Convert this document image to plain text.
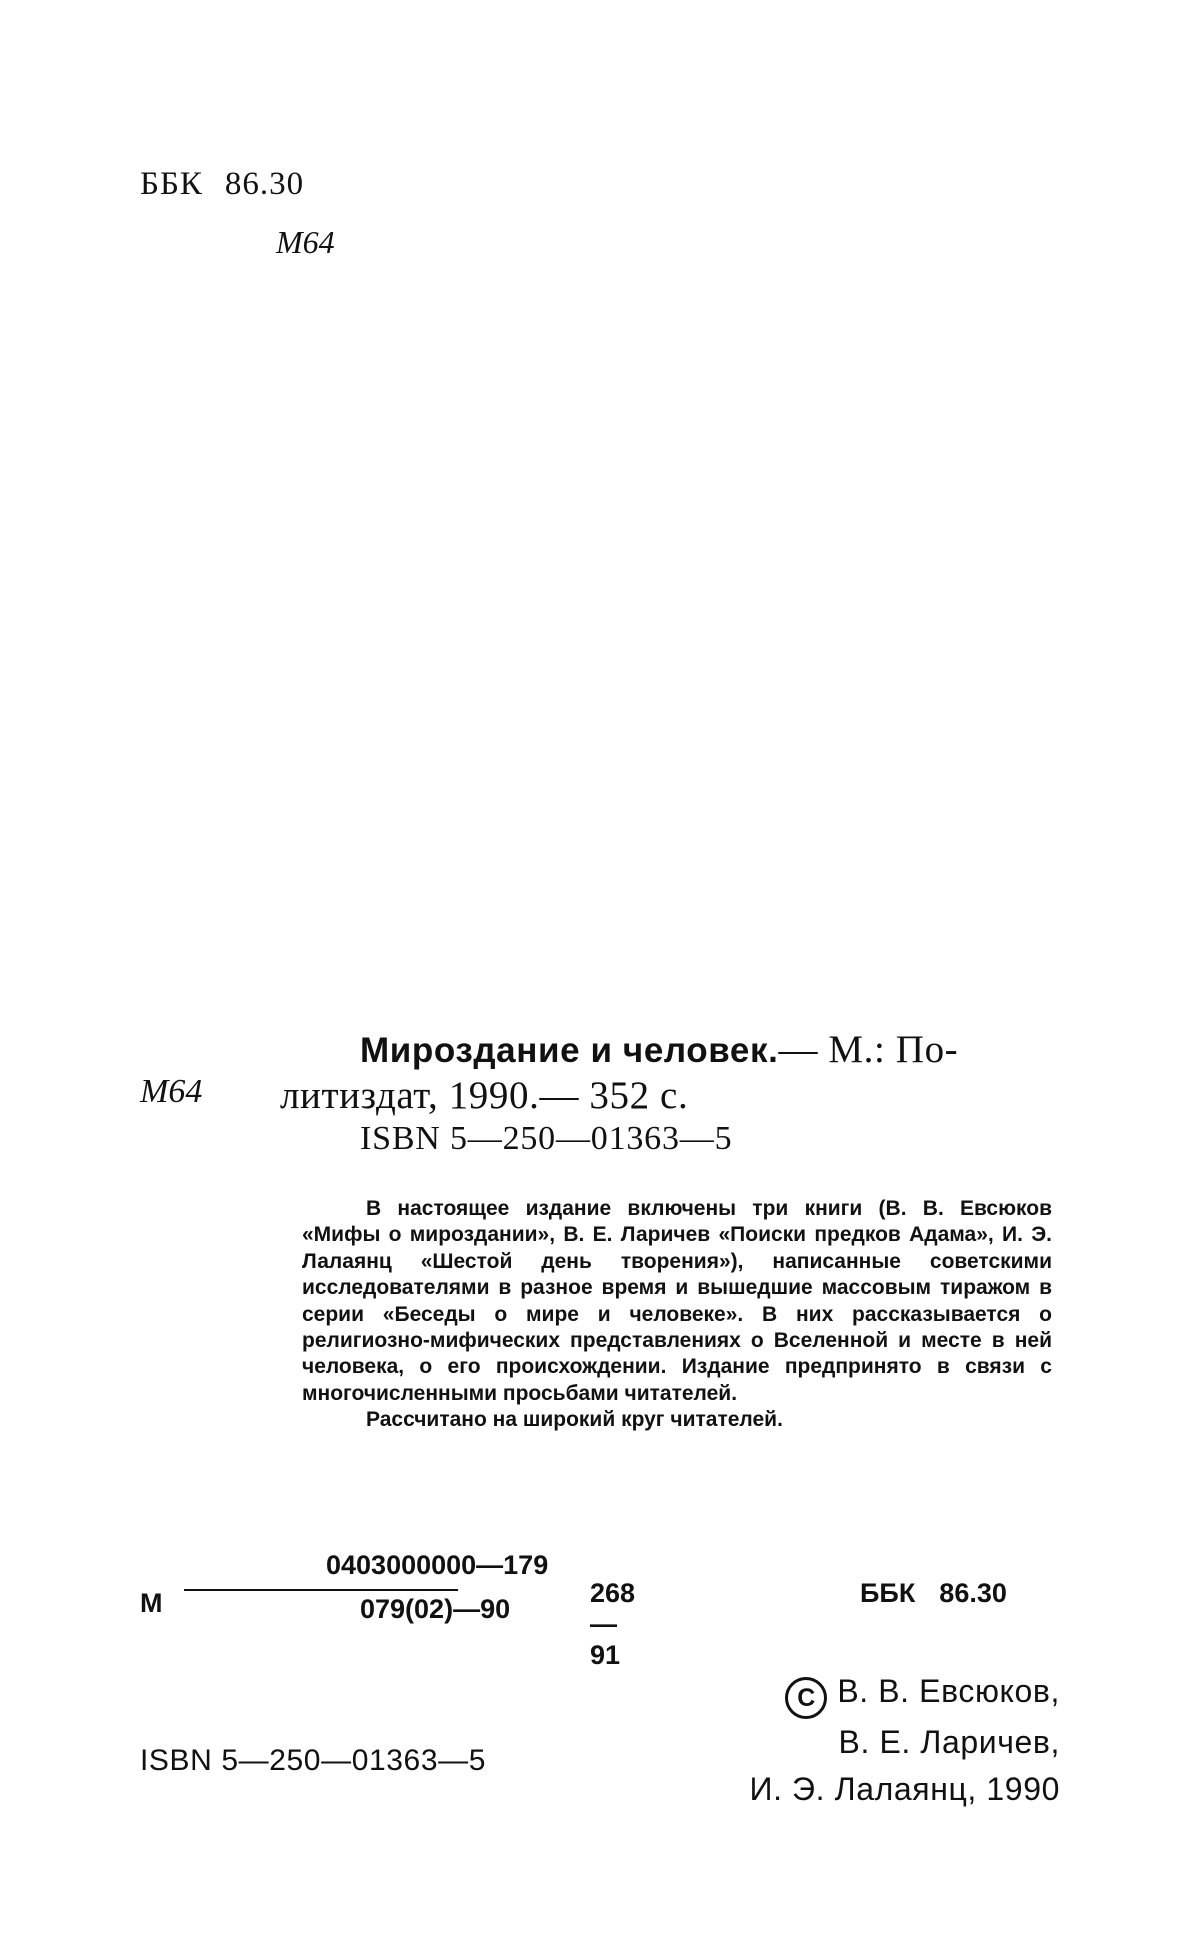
ББК 86.30
М64
М64
Мироздание и человек.— М.: По-
литиздат, 1990.— 352 с.
ISBN 5—250—01363—5

В настоящее издание включены три книги (В. В. Евсюков «Мифы о мироздании», В. Е. Ларичев «Поиски предков Адама», И. Э. Лалаянц «Шестой день творения»), написанные советскими исследователями в разное время и вышедшие массовым тиражом в серии «Беседы о мире и человеке». В них рассказывается о религиозно-мифических представлениях о Вселенной и месте в ней человека, о его происхождении. Издание предпринято в связи с многочисленными просьбами читателей.

Рассчитано на широкий круг читателей.

М
0403000000—179
079(02)—90
268—91
ББК 86.30
C В. В. Евсюков,
В. Е. Ларичев,
И. Э. Лалаянц, 1990
ISBN 5—250—01363—5
